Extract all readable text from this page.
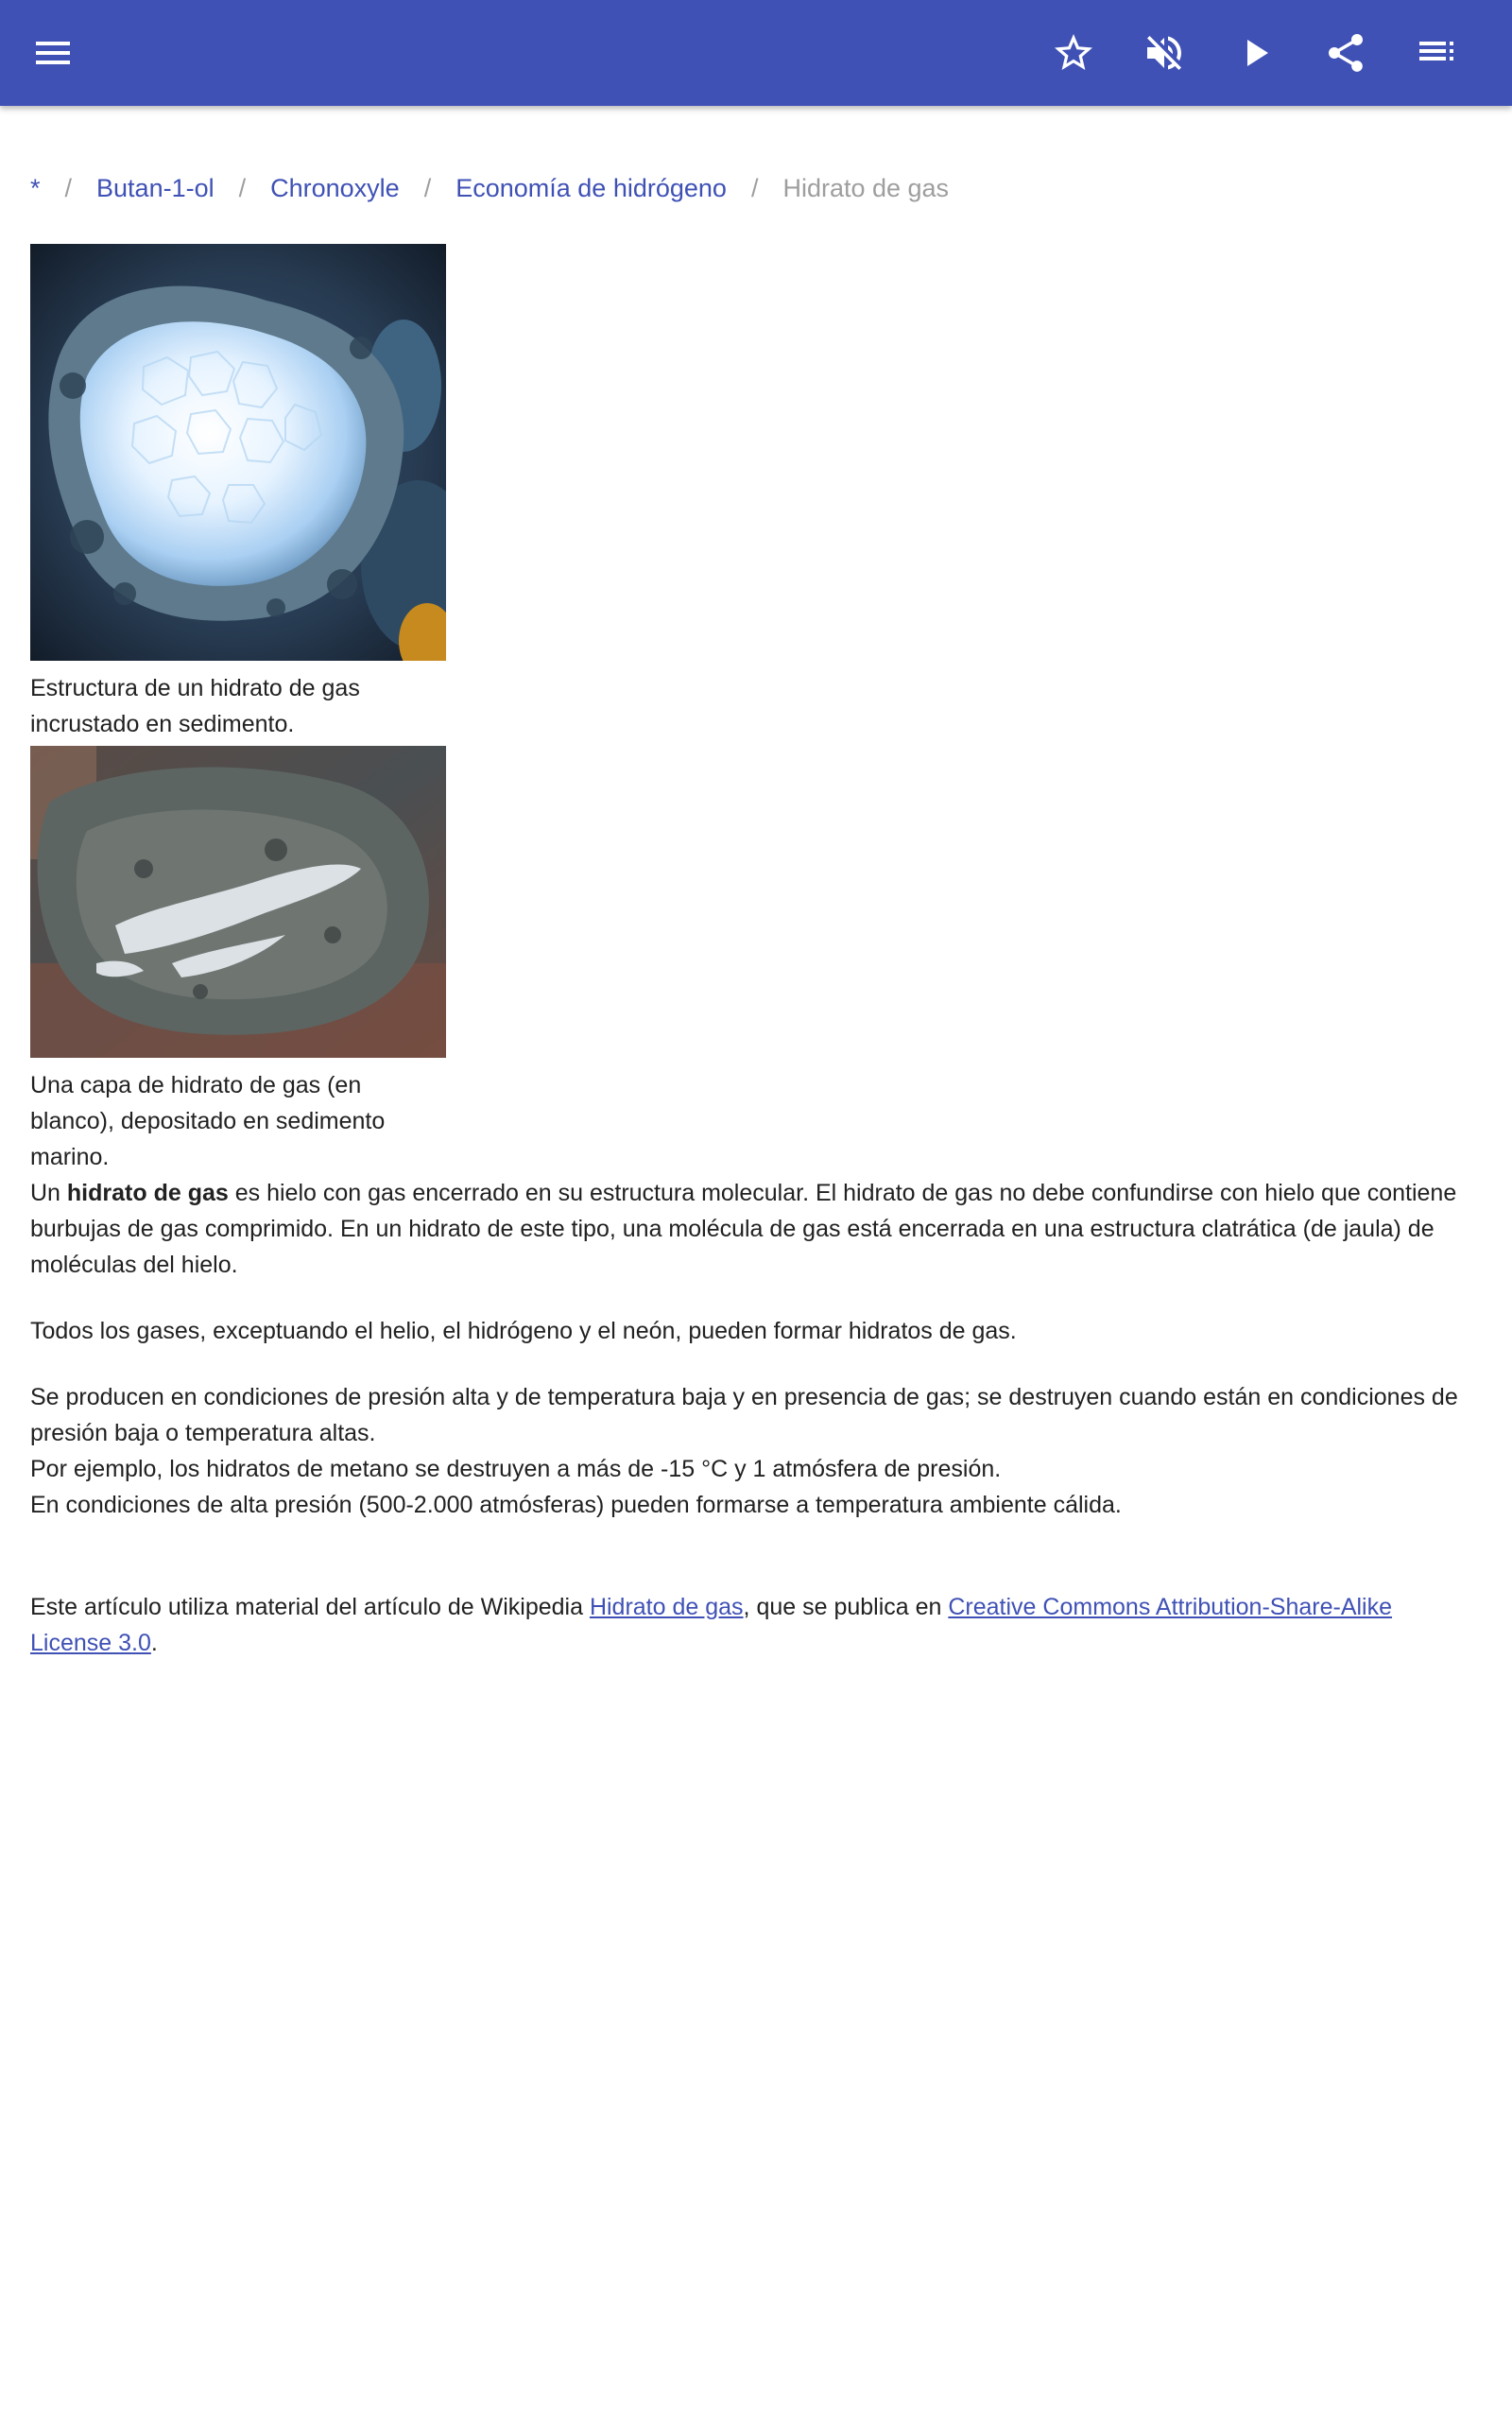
* / Butan-1-ol / Chronoxyle / Economía de hidrógeno / Hidrato de gas
Estructura de un hidrato de gas incrustado en sedimento.
Una capa de hidrato de gas (en blanco), depositado en sedimento marino.

Un hidrato de gas es hielo con gas encerrado en su estructura molecular. El hidrato de gas no debe confundirse con hielo que contiene burbujas de gas comprimido. En un hidrato de este tipo, una molécula de gas está encerrada en una estructura clatrática (de jaula) de moléculas del hielo.

Todos los gases, exceptuando el helio, el hidrógeno y el neón, pueden formar hidratos de gas.

Se producen en condiciones de presión alta y de temperatura baja y en presencia de gas; se destruyen cuando están en condiciones de presión baja o temperatura altas.

Por ejemplo, los hidratos de metano se destruyen a más de -15 °C y 1 atmósfera de presión.

En condiciones de alta presión (500-2.000 atmósferas) pueden formarse a temperatura ambiente cálida.

Este artículo utiliza material del artículo de Wikipedia Hidrato de gas, que se publica en Creative Commons Attribution-Share-Alike License 3.0.
